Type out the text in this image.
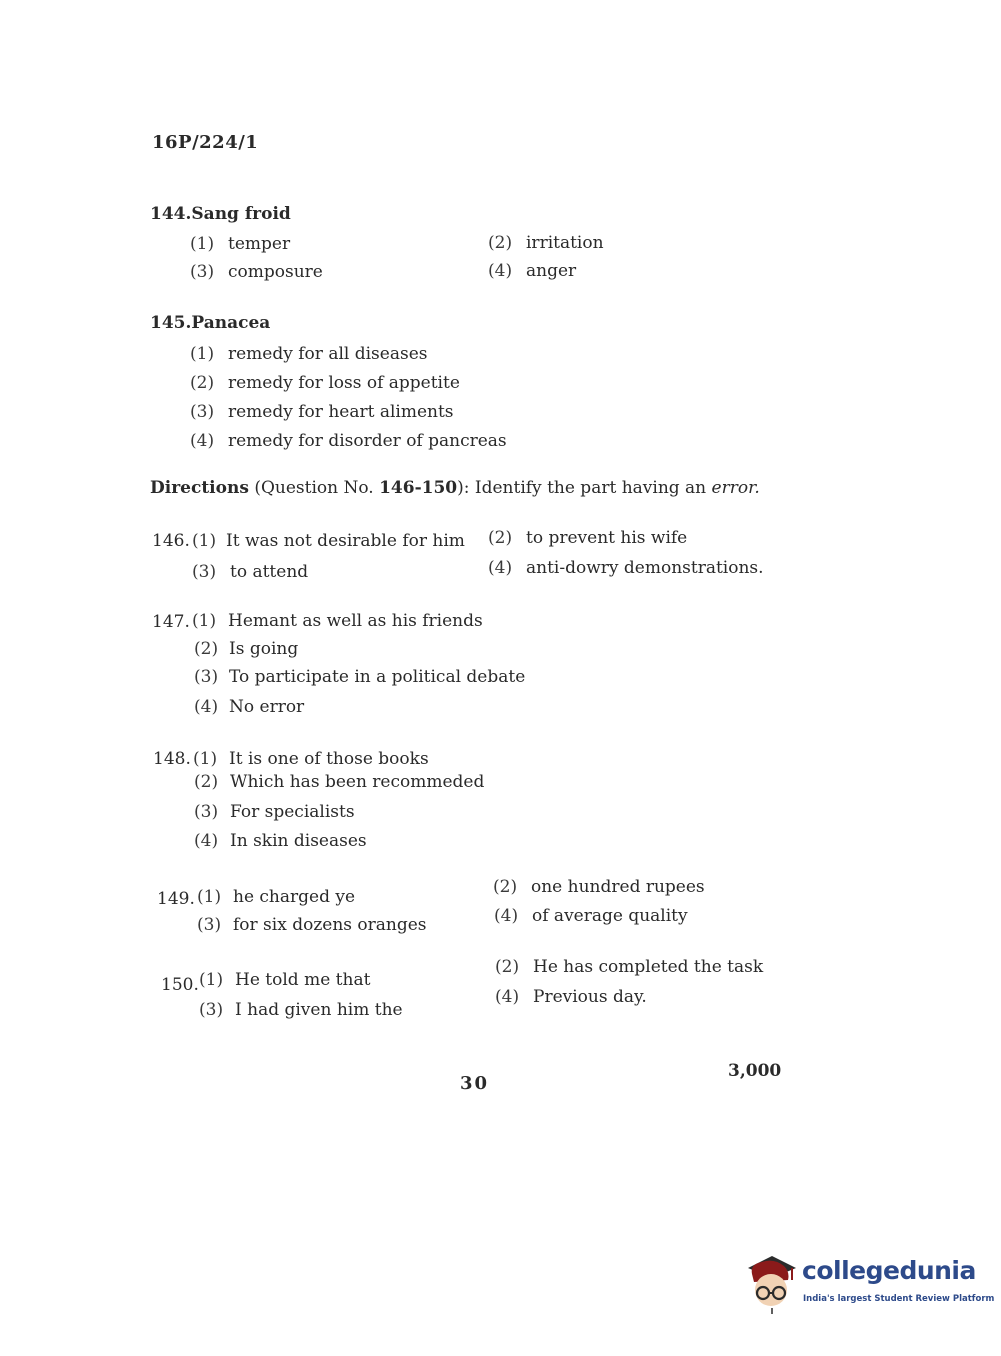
16P/224/1
144.Sang froid
(1) temper	(2) irritation
(3) composure	(4) anger
145.Panacea
(1) remedy for all diseases
(2) remedy for loss of appetite
(3) remedy for heart aliments
(4) remedy for disorder of pancreas
Directions (Question No. 146-150): Identify the part having an error.
146. (1) It was not desirable for him (2) to prevent his wife
(3) to attend	(4) anti-dowry demonstrations.
147. (1) Hemant as well as his friends
(2) Is going
(3) To participate in a political debate
(4) No error
148. (1) It is one of those books
(2) Which has been recommeded
(3) For specialists
(4) In skin diseases
149. (1) he charged ye	(2) one hundred rupees
(3) for six dozens oranges	(4) of average quality
150. (1) He told me that
(2) He has completed the task
(3) I had given him the
(4) Previous day.
30
3,000
collegedunia
India's largest Student Review Platform
